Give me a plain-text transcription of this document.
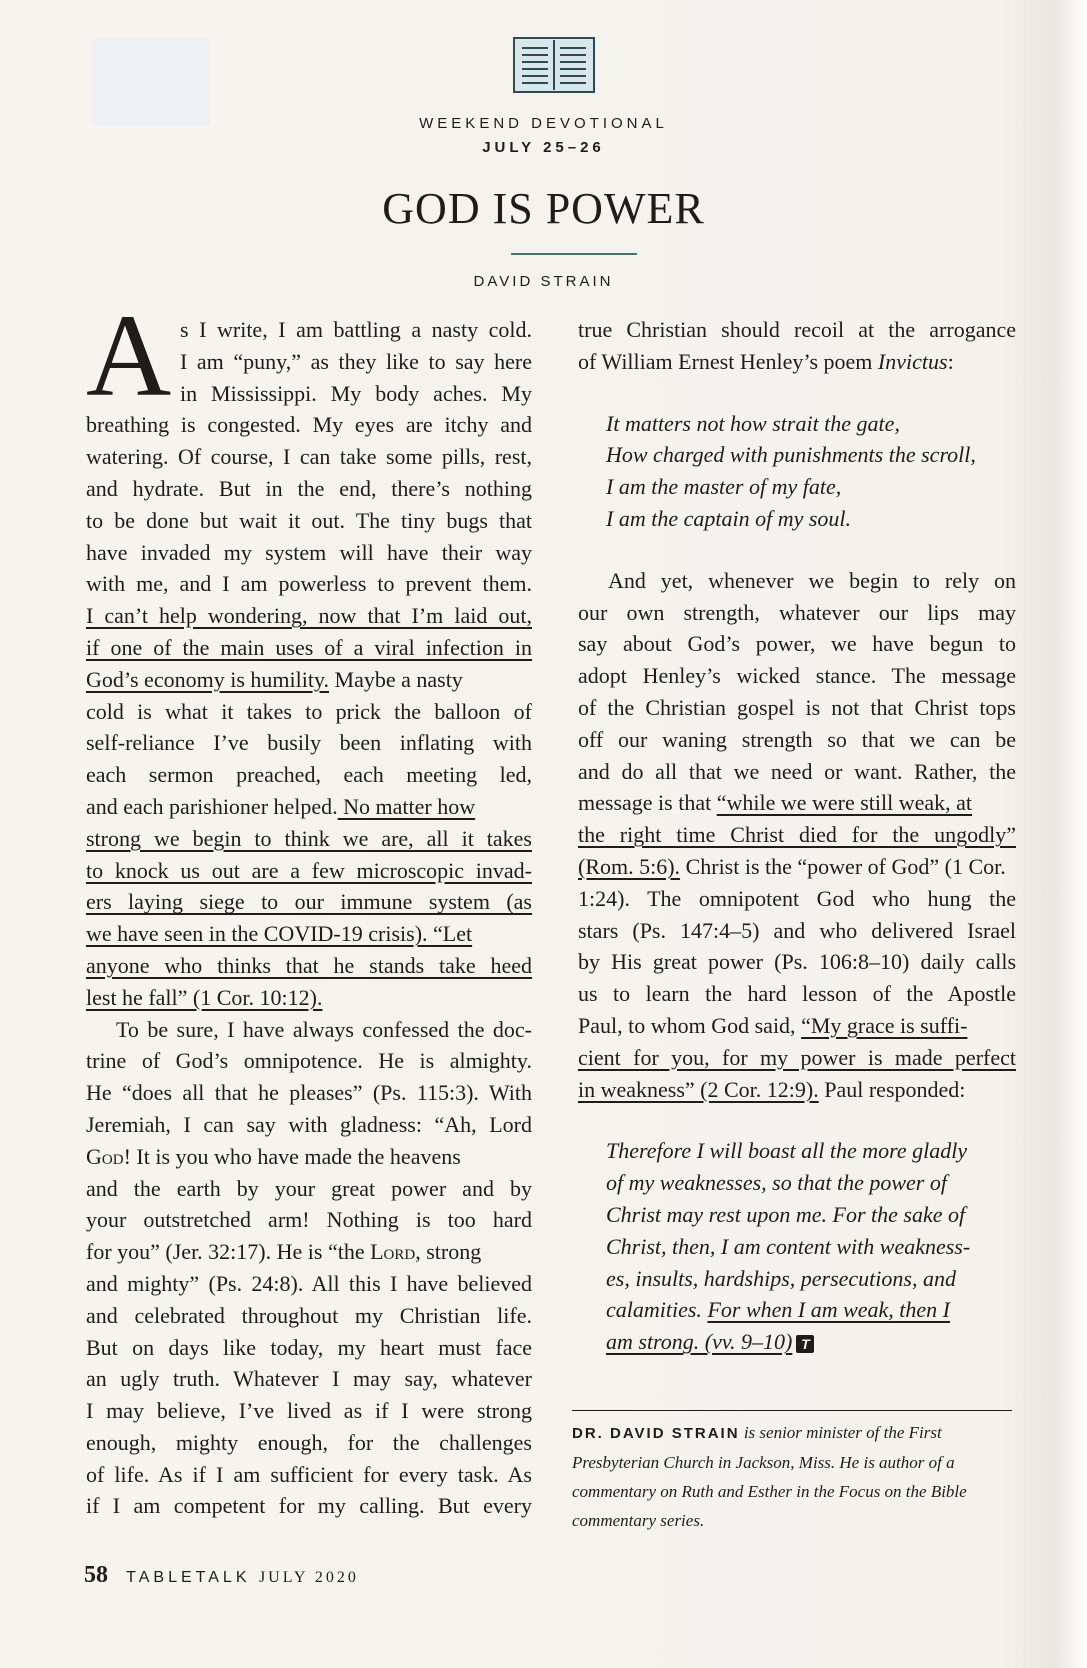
WEEKEND DEVOTIONAL
JULY 25–26
GOD IS POWER
DAVID STRAIN
A s I write, I am battling a nasty cold.
I am “puny,” as they like to say here
in Mississippi. My body aches. My
breathing is congested. My eyes are itchy and
watering. Of course, I can take some pills, rest,
and hydrate. But in the end, there’s nothing
to be done but wait it out. The tiny bugs that
have invaded my system will have their way
with me, and I am powerless to prevent them.
I can’t help wondering, now that I’m laid out,
if one of the main uses of a viral infection in
God’s economy is humility. Maybe a nasty
cold is what it takes to prick the balloon of
self-reliance I’ve busily been inflating with
each sermon preached, each meeting led,
and each parishioner helped. No matter how
strong we begin to think we are, all it takes
to knock us out are a few microscopic invad-
ers laying siege to our immune system (as
we have seen in the COVID-19 crisis). “Let
anyone who thinks that he stands take heed
lest he fall” (1 Cor. 10:12).
To be sure, I have always confessed the doc-
trine of God’s omnipotence. He is almighty.
He “does all that he pleases” (Ps. 115:3). With
Jeremiah, I can say with gladness: “Ah, Lord
God! It is you who have made the heavens
and the earth by your great power and by
your outstretched arm! Nothing is too hard
for you” (Jer. 32:17). He is “the Lord, strong
and mighty” (Ps. 24:8). All this I have believed
and celebrated throughout my Christian life.
But on days like today, my heart must face
an ugly truth. Whatever I may say, whatever
I may believe, I’ve lived as if I were strong
enough, mighty enough, for the challenges
of life. As if I am sufficient for every task. As
if I am competent for my calling. But every
true Christian should recoil at the arrogance
of William Ernest Henley’s poem Invictus:
It matters not how strait the gate,
How charged with punishments the scroll,
I am the master of my fate,
I am the captain of my soul.
And yet, whenever we begin to rely on
our own strength, whatever our lips may
say about God’s power, we have begun to
adopt Henley’s wicked stance. The message
of the Christian gospel is not that Christ tops
off our waning strength so that we can be
and do all that we need or want. Rather, the
message is that “while we were still weak, at
the right time Christ died for the ungodly”
(Rom. 5:6). Christ is the “power of God” (1 Cor.
1:24). The omnipotent God who hung the
stars (Ps. 147:4–5) and who delivered Israel
by His great power (Ps. 106:8–10) daily calls
us to learn the hard lesson of the Apostle
Paul, to whom God said, “My grace is suffi-
cient for you, for my power is made perfect
in weakness” (2 Cor. 12:9). Paul responded:
Therefore I will boast all the more gladly
of my weaknesses, so that the power of
Christ may rest upon me. For the sake of
Christ, then, I am content with weakness-
es, insults, hardships, persecutions, and
calamities. For when I am weak, then I
am strong. (vv. 9–10) T
DR. DAVID STRAIN is senior minister of the First
Presbyterian Church in Jackson, Miss. He is author of a
commentary on Ruth and Esther in the Focus on the Bible
commentary series.
58 TABLETALK JULY 2020
